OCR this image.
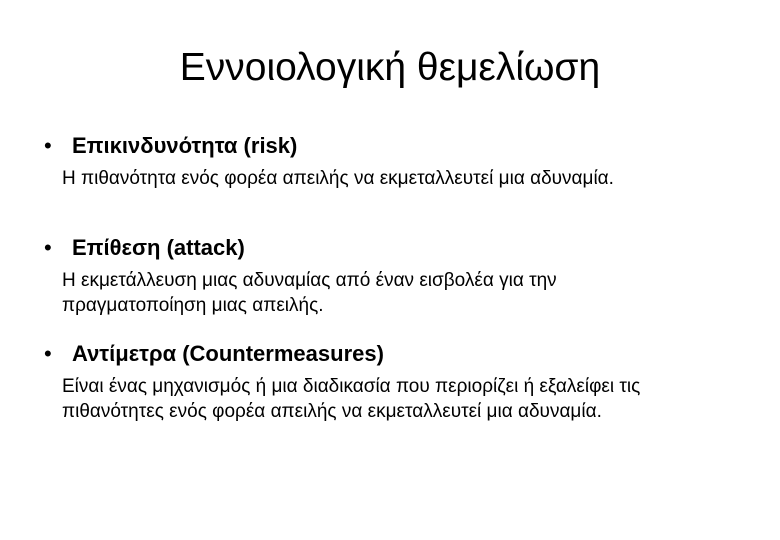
Εννοιολογική θεμελίωση
• Επικινδυνότητα (risk)
Η πιθανότητα ενός φορέα απειλής να εκμεταλλευτεί μια αδυναμία.
• Επίθεση (attack)
Η εκμετάλλευση μιας αδυναμίας από έναν εισβολέα για την πραγματοποίηση μιας απειλής.
• Αντίμετρα (Countermeasures)
Είναι ένας μηχανισμός ή μια διαδικασία που περιορίζει ή εξαλείφει τις πιθανότητες ενός φορέα απειλής να εκμεταλλευτεί μια αδυναμία.
